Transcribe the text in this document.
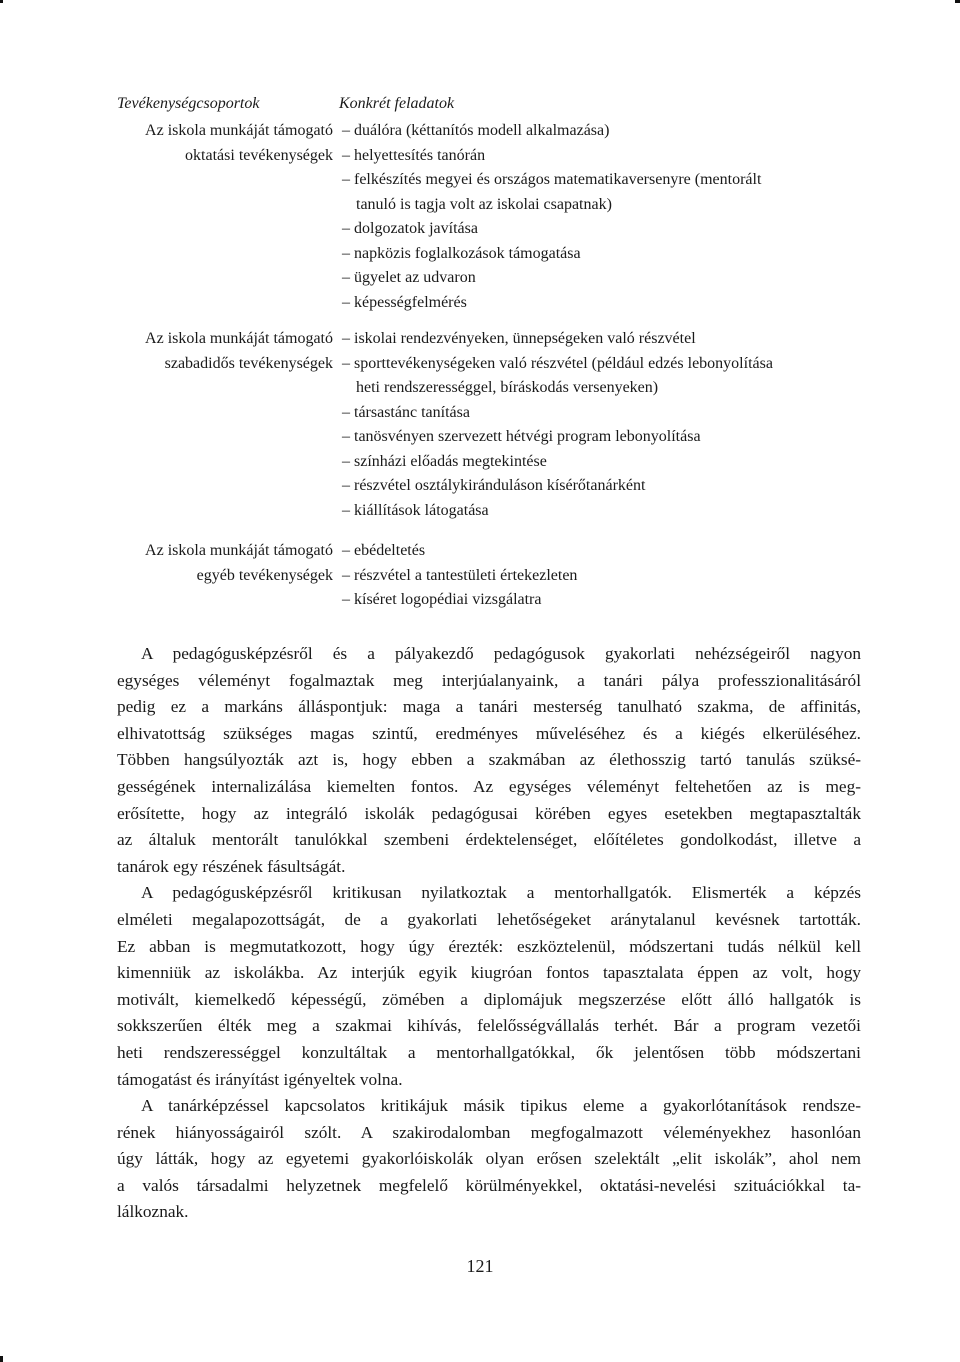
Tevékenységcsoportok	Konkrét feladatok
Az iskola munkáját támogató
oktatási tevékenységek
– duálóra (kéttanítós modell alkalmazása)
– helyettesítés tanórán
– felkészítés megyei és országos matematikaversenyre (mentorált
tanuló is tagja volt az iskolai csapatnak)
– dolgozatok javítása
– napközis foglalkozások támogatása
– ügyelet az udvaron
– képességfelmérés
Az iskola munkáját támogató
szabadidős tevékenységek
– iskolai rendezvényeken, ünnepségeken való részvétel
– sporttevékenységeken való részvétel (például edzés lebonyolítása
heti rendszerességgel, bíráskodás versenyeken)
– társastánc tanítása
– tanösvényen szervezett hétvégi program lebonyolítása
– színházi előadás megtekintése
– részvétel osztálykiránduláson kísérőtanárként
– kiállítások látogatása
Az iskola munkáját támogató
egyéb tevékenységek
– ebédeltetés
– részvétel a tantestületi értekezleten
– kíséret logopédiai vizsgálatra
A pedagógusképzésről és a pályakezdő pedagógusok gyakorlati nehézségeiről nagyon
egységes véleményt fogalmaztak meg interjúalanyaink, a tanári pálya professzionalitásáról
pedig ez a markáns álláspontjuk: maga a tanári mesterség tanulható szakma, de affinitás,
elhivatottság szükséges magas szintű, eredményes műveléséhez és a kiégés elkerüléséhez.
Többen hangsúlyozták azt is, hogy ebben a szakmában az élethosszig tartó tanulás szüksé-
gességének internalizálása kiemelten fontos. Az egységes véleményt feltehetően az is meg-
erősítette, hogy az integráló iskolák pedagógusai körében egyes esetekben megtapasztalták
az általuk mentorált tanulókkal szembeni érdektelenséget, előítéletes gondolkodást, illetve a
tanárok egy részének fásultságát.
A pedagógusképzésről kritikusan nyilatkoztak a mentorhallgatók. Elismerték a képzés
elméleti megalapozottságát, de a gyakorlati lehetőségeket aránytalanul kevésnek tartották.
Ez abban is megmutatkozott, hogy úgy érezték: eszköztelenül, módszertani tudás nélkül kell
kimenniük az iskolákba. Az interjúk egyik kiugróan fontos tapasztalata éppen az volt, hogy
motivált, kiemelkedő képességű, zömében a diplomájuk megszerzése előtt álló hallgatók is
sokkszerűen élték meg a szakmai kihívás, felelősségvállalás terhét. Bár a program vezetői
heti rendszerességgel konzultáltak a mentorhallgatókkal, ők jelentősen több módszertani
támogatást és irányítást igényeltek volna.
A tanárképzéssel kapcsolatos kritikájuk másik tipikus eleme a gyakorlótanítások rendsze-
rének hiányosságairól szólt. A szakirodalomban megfogalmazott véleményekhez hasonlóan
úgy látták, hogy az egyetemi gyakorlóiskolák olyan erősen szelektált „elit iskolák”, ahol nem
a valós társadalmi helyzetnek megfelelő körülményekkel, oktatási-nevelési szituációkkal ta-
lálkoznak.
121
